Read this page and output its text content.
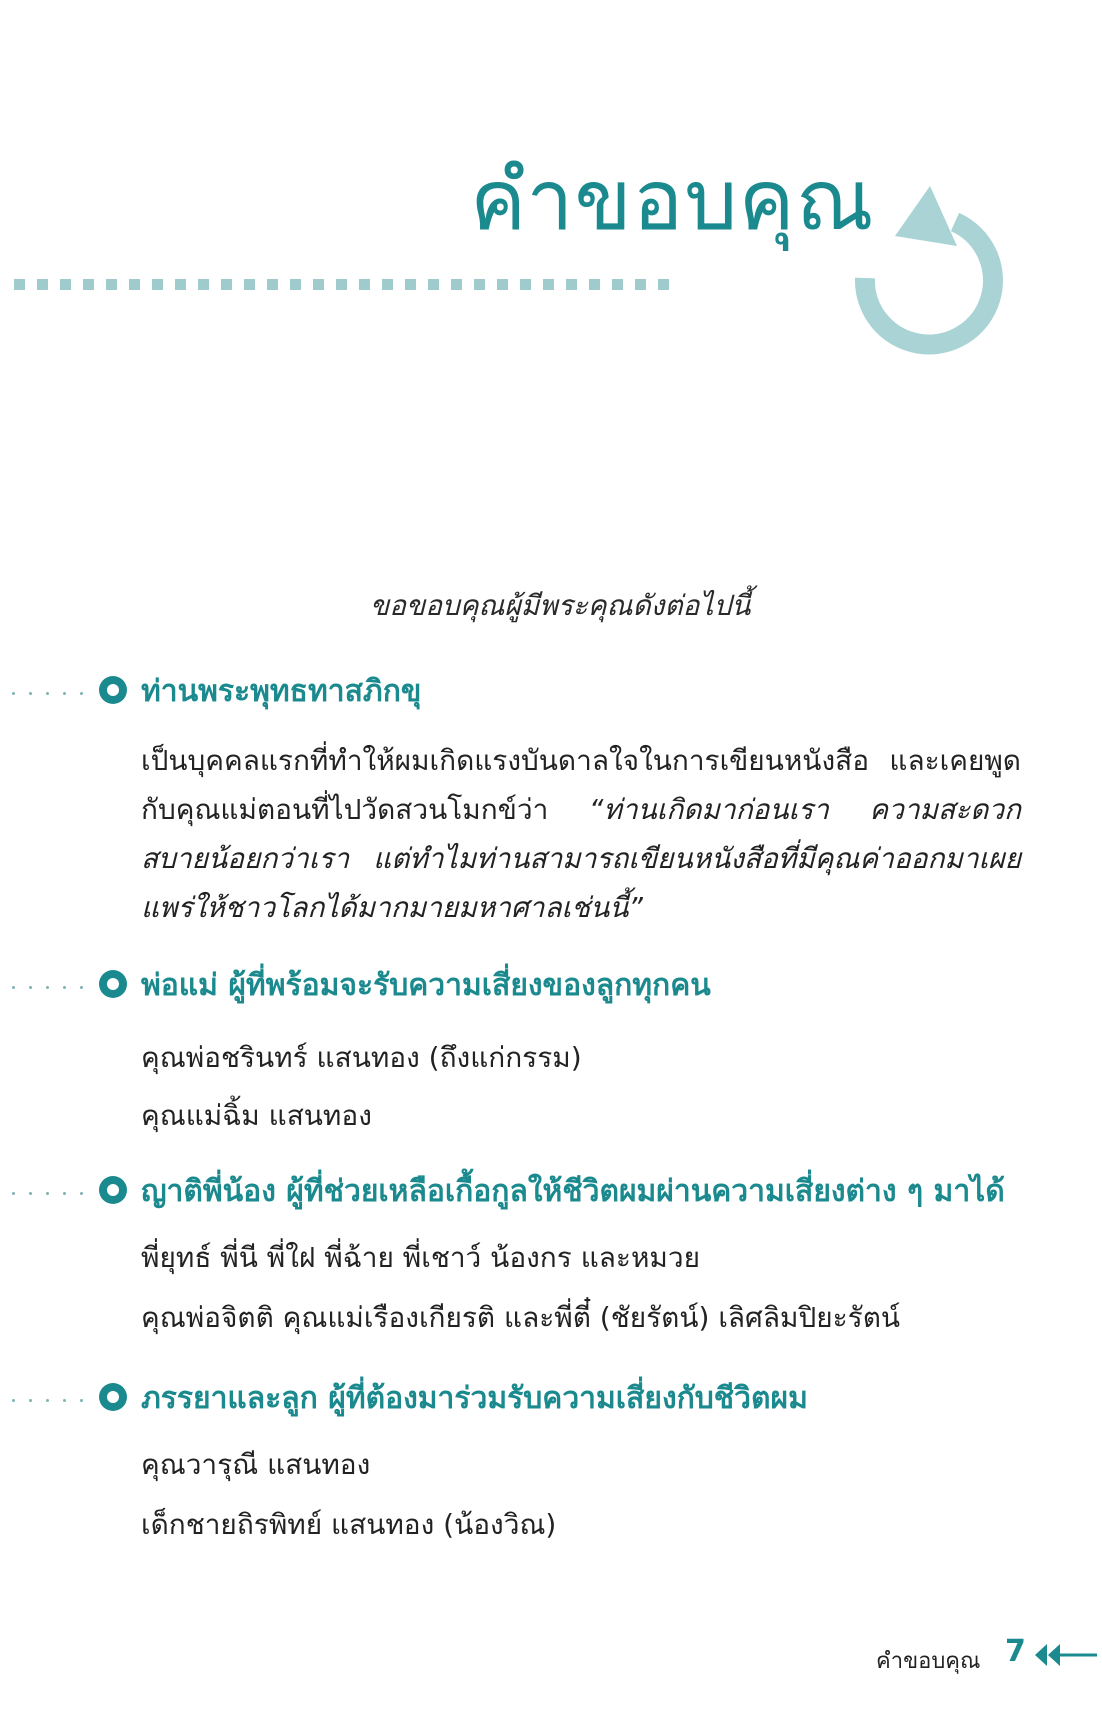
คำขอบคุณ
ขอขอบคุณผู้มีพระคุณดังต่อไปนี้
ท่านพระพุทธทาสภิกขุ
เป็นบุคคลแรกที่ทำให้ผมเกิดแรงบันดาลใจในการเขียนหนังสือ และเคยพูดกับคุณแม่ตอนที่ไปวัดสวนโมกข์ว่า “ท่านเกิดมาก่อนเรา ความสะดวกสบายน้อยกว่าเรา แต่ทำไมท่านสามารถเขียนหนังสือที่มีคุณค่าออกมาเผยแพร่ให้ชาวโลกได้มากมายมหาศาลเช่นนี้”
พ่อแม่ ผู้ที่พร้อมจะรับความเสี่ยงของลูกทุกคน
คุณพ่อชรินทร์ แสนทอง (ถึงแก่กรรม)
คุณแม่ฉิ้ม แสนทอง
ญาติพี่น้อง ผู้ที่ช่วยเหลือเกื้อกูลให้ชีวิตผมผ่านความเสี่ยงต่าง ๆ มาได้
พี่ยุทธ์ พี่นี พี่ใฝ พี่ฉ้าย พี่เชาว์ น้องกร และหมวย
คุณพ่อจิตติ คุณแม่เรืองเกียรติ และพี่ตี๋ (ชัยรัตน์) เลิศลิมปิยะรัตน์
ภรรยาและลูก ผู้ที่ต้องมาร่วมรับความเสี่ยงกับชีวิตผม
คุณวารุณี แสนทอง
เด็กชายถิรพิทย์ แสนทอง (น้องวิณ)
คำขอบคุณ 7
